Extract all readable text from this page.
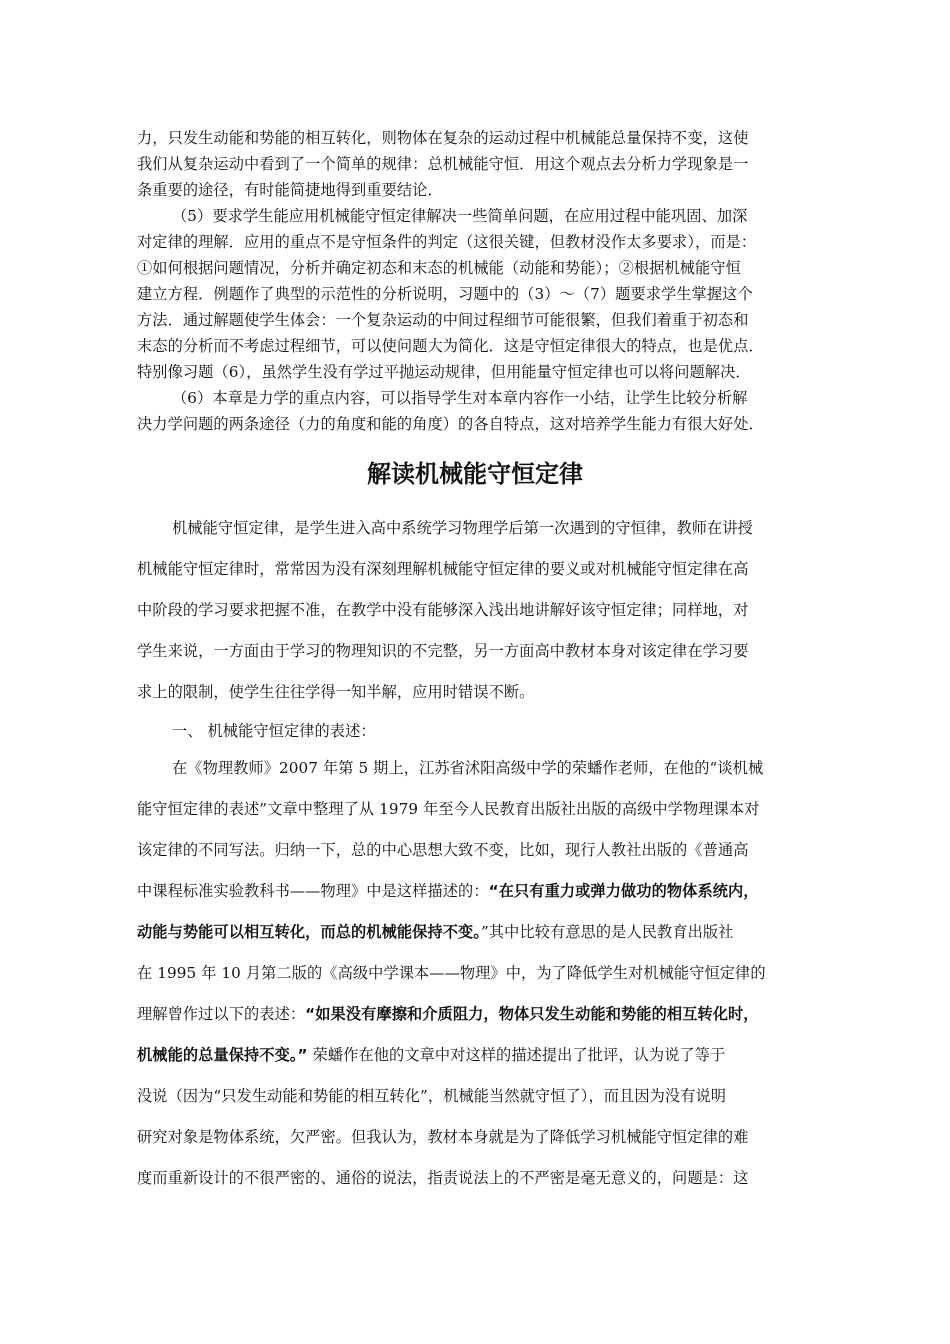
力，只发生动能和势能的相互转化，则物体在复杂的运动过程中机械能总量保持不变，这使
我们从复杂运动中看到了一个简单的规律：总机械能守恒．用这个观点去分析力学现象是一
条重要的途径，有时能简捷地得到重要结论．
（5）要求学生能应用机械能守恒定律解决一些简单问题，在应用过程中能巩固、加深
对定律的理解．应用的重点不是守恒条件的判定（这很关键，但教材没作太多要求），而是：
①如何根据问题情况，分析并确定初态和末态的机械能（动能和势能）；②根据机械能守恒
建立方程．例题作了典型的示范性的分析说明，习题中的（3）～（7）题要求学生掌握这个
方法．通过解题使学生体会：一个复杂运动的中间过程细节可能很繁，但我们着重于初态和
末态的分析而不考虑过程细节，可以使问题大为简化．这是守恒定律很大的特点，也是优点．
特别像习题（6），虽然学生没有学过平抛运动规律，但用能量守恒定律也可以将问题解决．
（6）本章是力学的重点内容，可以指导学生对本章内容作一小结，让学生比较分析解
决力学问题的两条途径（力的角度和能的角度）的各自特点，这对培养学生能力有很大好处．
解读机械能守恒定律
机械能守恒定律，是学生进入高中系统学习物理学后第一次遇到的守恒律，教师在讲授
机械能守恒定律时，常常因为没有深刻理解机械能守恒定律的要义或对机械能守恒定律在高
中阶段的学习要求把握不准，在教学中没有能够深入浅出地讲解好该守恒定律；同样地，对
学生来说，一方面由于学习的物理知识的不完整，另一方面高中教材本身对该定律在学习要
求上的限制，使学生往往学得一知半解，应用时错误不断。
一、 机械能守恒定律的表述：
在《物理教师》2007 年第 5 期上，江苏省沭阳高级中学的荣蟠作老师，在他的“谈机械
能守恒定律的表述”文章中整理了从 1979 年至今人民教育出版社出版的高级中学物理课本对
该定律的不同写法。归纳一下，总的中心思想大致不变，比如，现行人教社出版的《普通高
中课程标准实验教科书——物理》中是这样描述的：“在只有重力或弹力做功的物体系统内，
动能与势能可以相互转化，而总的机械能保持不变。”其中比较有意思的是人民教育出版社
在 1995 年 10 月第二版的《高级中学课本——物理》中，为了降低学生对机械能守恒定律的
理解曾作过以下的表述：“如果没有摩擦和介质阻力，物体只发生动能和势能的相互转化时，
机械能的总量保持不变。” 荣蟠作在他的文章中对这样的描述提出了批评，认为说了等于
没说（因为“只发生动能和势能的相互转化”，机械能当然就守恒了），而且因为没有说明
研究对象是物体系统，欠严密。但我认为，教材本身就是为了降低学习机械能守恒定律的难
度而重新设计的不很严密的、通俗的说法，指责说法上的不严密是毫无意义的，问题是：这
